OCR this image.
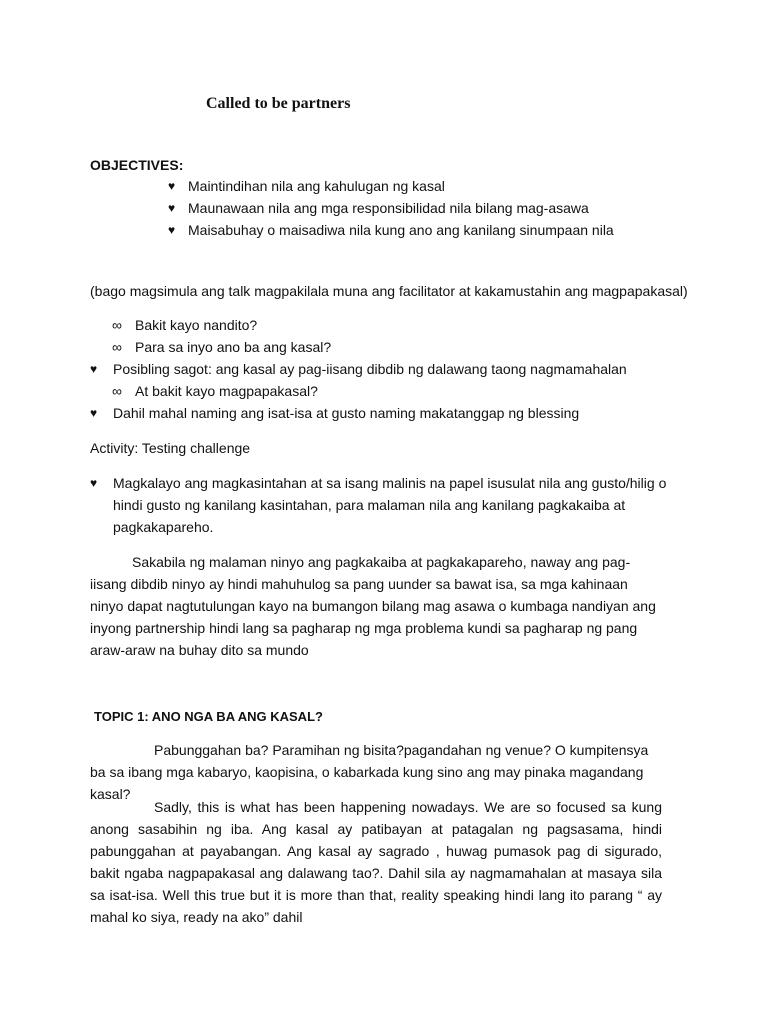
Called to be partners
OBJECTIVES:
♥ Maintindihan nila ang kahulugan ng kasal
♥ Maunawaan nila ang mga responsibilidad nila bilang mag-asawa
♥ Maisabuhay o maisadiwa nila kung ano ang kanilang sinumpaan nila
(bago magsimula ang talk magpakilala muna ang facilitator at kakamustahin ang magpapakasal)
∞ Bakit kayo nandito?
∞ Para sa inyo ano ba ang kasal?
♥	Posibling sagot: ang kasal ay pag-iisang dibdib ng dalawang taong nagmamahalan
∞ At bakit kayo magpapakasal?
♥	Dahil mahal naming ang isat-isa at gusto naming makatanggap ng blessing
Activity: Testing challenge
♥	Magkalayo ang magkasintahan at sa isang malinis na papel isusulat nila ang gusto/hilig o
hindi gusto ng kanilang kasintahan, para malaman nila ang kanilang pagkakaiba at
pagkakapareho.
Sakabila ng malaman ninyo ang pagkakaiba at pagkakapareho, naway ang pag-iisang dibdib ninyo ay hindi mahuhulog sa pang uunder sa bawat isa, sa mga kahinaan ninyo dapat nagtutulungan kayo na bumangon bilang mag asawa o kumbaga nandiyan ang inyong partnership hindi lang sa pagharap ng mga problema kundi sa pagharap ng pang araw-araw na buhay dito sa mundo
TOPIC 1: ANO NGA BA ANG KASAL?
Pabunggahan ba? Paramihan ng bisita?pagandahan ng venue? O kumpitensya ba sa ibang mga kabaryo, kaopisina, o kabarkada kung sino ang may pinaka magandang kasal?
Sadly, this is what has been happening nowadays. We are so focused sa kung anong sasabihin ng iba. Ang kasal ay patibayan at patagalan ng pagsasama, hindi pabunggahan at payabangan. Ang kasal ay sagrado , huwag pumasok pag di sigurado, bakit ngaba nagpapakasal ang dalawang tao?. Dahil sila ay nagmamahalan at masaya sila sa isat-isa. Well this true but it is more than that, reality speaking hindi lang ito parang “ ay mahal ko siya, ready na ako” dahil
